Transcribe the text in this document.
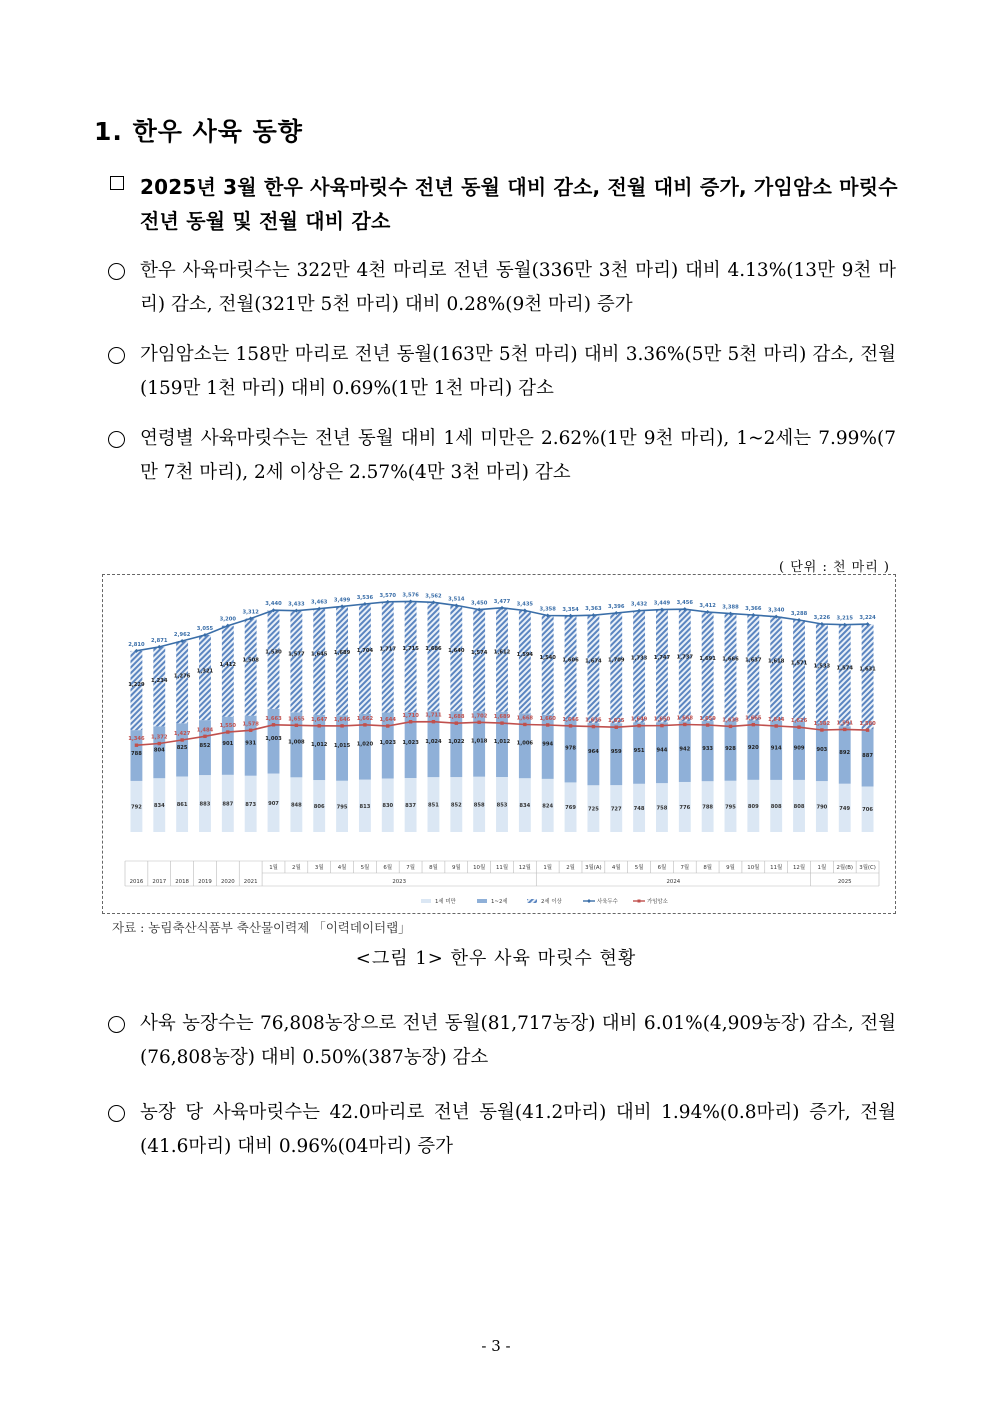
1. 한우 사육 동향
2025년 3월 한우 사육마릿수 전년 동월 대비 감소, 전월 대비 증가, 가임암소 마릿수 전년 동월 및 전월 대비 감소
한우 사육마릿수는 322만 4천 마리로 전년 동월(336만 3천 마리) 대비 4.13%(13만 9천 마리) 감소, 전월(321만 5천 마리) 대비 0.28%(9천 마리) 증가
가임암소는 158만 마리로 전년 동월(163만 5천 마리) 대비 3.36%(5만 5천 마리) 감소, 전월(159만 1천 마리) 대비 0.69%(1만 1천 마리) 감소
연령별 사육마릿수는 전년 동월 대비 1세 미만은 2.62%(1만 9천 마리), 1~2세는 7.99%(7만 7천 마리), 2세 이상은 2.57%(4만 3천 마리) 감소
( 단위 : 천 마리 )
792
788
1,229
834
804
1,234
861
825
1,276
883
852
1,321
887
901
1,412
873
931
1,508
907
1,003
1,530
848
1,008
1,577
806
1,012
1,645
795
1,015
1,689
813
1,020
1,704
830
1,023
1,717
837
1,023
1,715
851
1,024
1,686
852
1,022
1,640
858
1,018
1,574
853
1,012
1,612
834
1,006
1,594
824
994
1,540
769
978
1,606
725
964
1,674
727
959
1,709
748
951
1,733
758
944
1,747
776
942
1,737
788
933
1,691
795
928
1,666
809
920
1,637
808
914
1,618
808
909
1,571
790
903
1,533
749
892
1,574
706
887
1,631
1,346 1,372
1,427
1,484
1,550 1,578
1,663 1,655 1,647 1,646 1,662 1,644
1,710 1,711 1,688 1,702 1,689 1,668 1,660 1,646 1,635 1,625 1,649 1,650 1,668 1,659 1,638 1,665 1,644 1,626 1,582 1,591 1,580
2,810
2,871
2,962
3,055
3,200
3,312
3,440 3,433 3,463 3,499 3,536 3,570 3,576 3,562
3,514
3,450 3,477 3,435
3,358 3,354 3,363 3,396 3,432 3,449 3,456 3,412 3,388 3,366 3,340
3,288
3,226 3,215 3,224
2016 2017 2018 2019 2020 2021
1월	2월	3월	4월	5월	6월	7월	8월	9월 10월 11월 12월 1월	2월 3월(A) 4월	5월	6월	7월	8월	9월 10월 11월 12월 1월 2월(B) 3월(C)
2023	2024	2025
1세 미만	1~2세	2세 이상	사육두수	가임암소
자료 : 농림축산식품부 축산물이력제 「이력데이터랩」
<그림 1> 한우 사육 마릿수 현황
사육 농장수는 76,808농장으로 전년 동월(81,717농장) 대비 6.01%(4,909농장) 감소, 전월(76,808농장) 대비 0.50%(387농장) 감소
농장 당 사육마릿수는 42.0마리로 전년 동월(41.2마리) 대비 1.94%(0.8마리) 증가, 전월(41.6마리) 대비 0.96%(04마리) 증가
- 3 -
